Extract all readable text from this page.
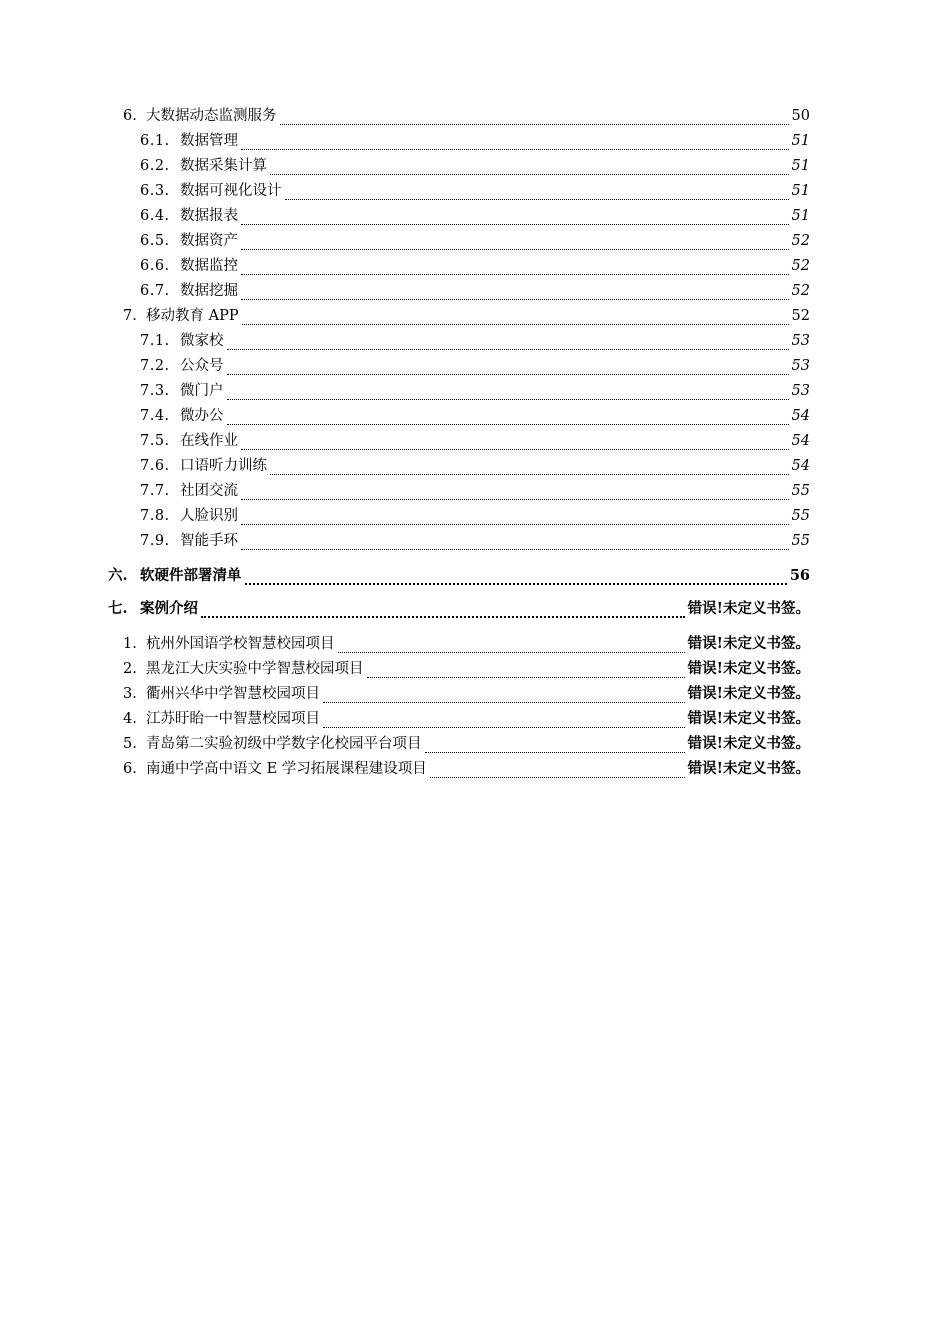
6. 大数据动态监测服务	50
6.1. 数据管理	51
6.2. 数据采集计算	51
6.3. 数据可视化设计	51
6.4. 数据报表	51
6.5. 数据资产	52
6.6. 数据监控	52
6.7. 数据挖掘	52
7. 移动教育 APP	52
7.1. 微家校	53
7.2. 公众号	53
7.3. 微门户	53
7.4. 微办公	54
7.5. 在线作业	54
7.6. 口语听力训练	54
7.7. 社团交流	55
7.8. 人脸识别	55
7.9. 智能手环	55
六. 软硬件部署清单	56
七. 案例介绍	错误!未定义书签。
1. 杭州外国语学校智慧校园项目	错误!未定义书签。
2. 黑龙江大庆实验中学智慧校园项目	错误!未定义书签。
3. 衢州兴华中学智慧校园项目	错误!未定义书签。
4. 江苏盱眙一中智慧校园项目	错误!未定义书签。
5. 青岛第二实验初级中学数字化校园平台项目	错误!未定义书签。
6. 南通中学高中语文 E 学习拓展课程建设项目	错误!未定义书签。
